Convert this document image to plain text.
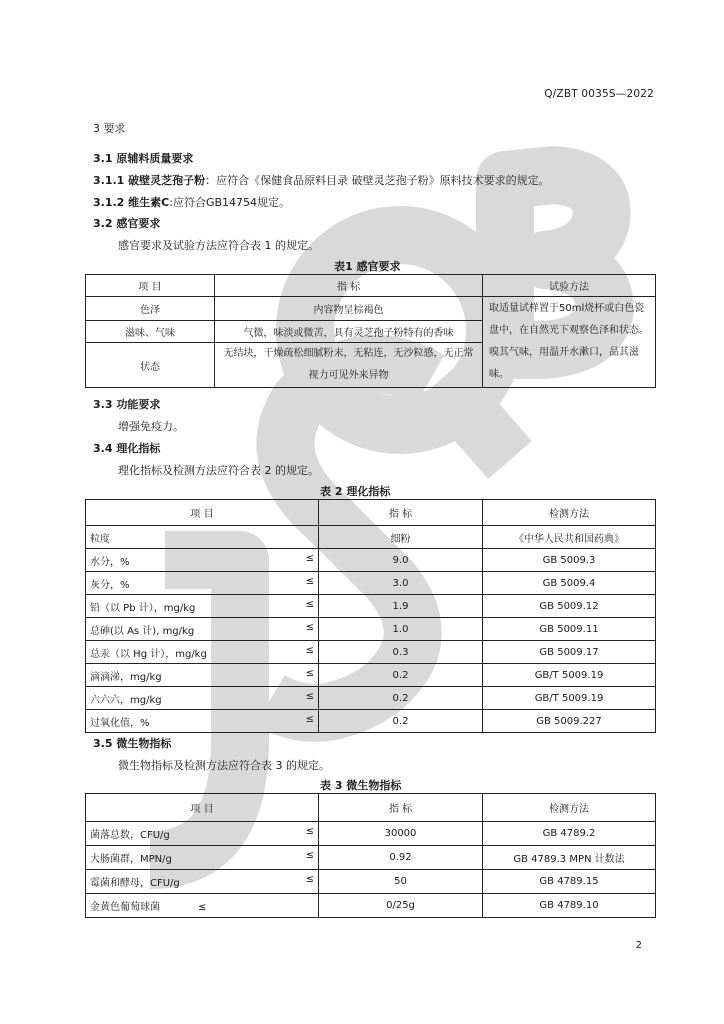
Q/ZBT 0035S—2022
3 要求
3.1 原辅料质量要求
3.1.1 破壁灵芝孢子粉：应符合《保健食品原料目录 破壁灵芝孢子粉》原料技术要求的规定。
3.1.2 维生素C:应符合GB14754规定。
3.2 感官要求
感官要求及试验方法应符合表 1 的规定。
表1 感官要求
项 目	指 标	试验方法
色泽	内容物呈棕褐色	取适量试样置于50ml烧杯或白色瓷盘中，在自然光下观察色泽和状态。嗅其气味，用温开水漱口，品其滋味。
滋味、气味	气微，味淡或微苦，具有灵芝孢子粉特有的香味	
状态	无结块，干燥疏松细腻粉末，无粘连，无沙粒感，无正常视力可见外来异物	
3.3 功能要求
增强免疫力。
3.4 理化指标
理化指标及检测方法应符合表 2 的规定。
表 2 理化指标
项 目	指 标	检测方法
粒度	细粉	《中华人民共和国药典》
水分，% ≤	9.0	GB 5009.3
灰分，% ≤	3.0	GB 5009.4
铅（以 Pb 计），mg/kg ≤	1.9	GB 5009.12
总砷(以 As 计), mg/kg ≤	1.0	GB 5009.11
总汞（以 Hg 计），mg/kg ≤	0.3	GB 5009.17
滴滴涕，mg/kg ≤	0.2	GB/T 5009.19
六六六，mg/kg ≤	0.2	GB/T 5009.19
过氧化值，% ≤	0.2	GB 5009.227
3.5 微生物指标
微生物指标及检测方法应符合表 3 的规定。
表 3 微生物指标
项 目	指 标	检测方法
菌落总数，CFU/g ≤	30000	GB 4789.2
大肠菌群，MPN/g ≤	0.92	GB 4789.3 MPN 计数法
霉菌和酵母，CFU/g ≤	50	GB 4789.15
金黄色葡萄球菌 ≤	0/25g	GB 4789.10
2
